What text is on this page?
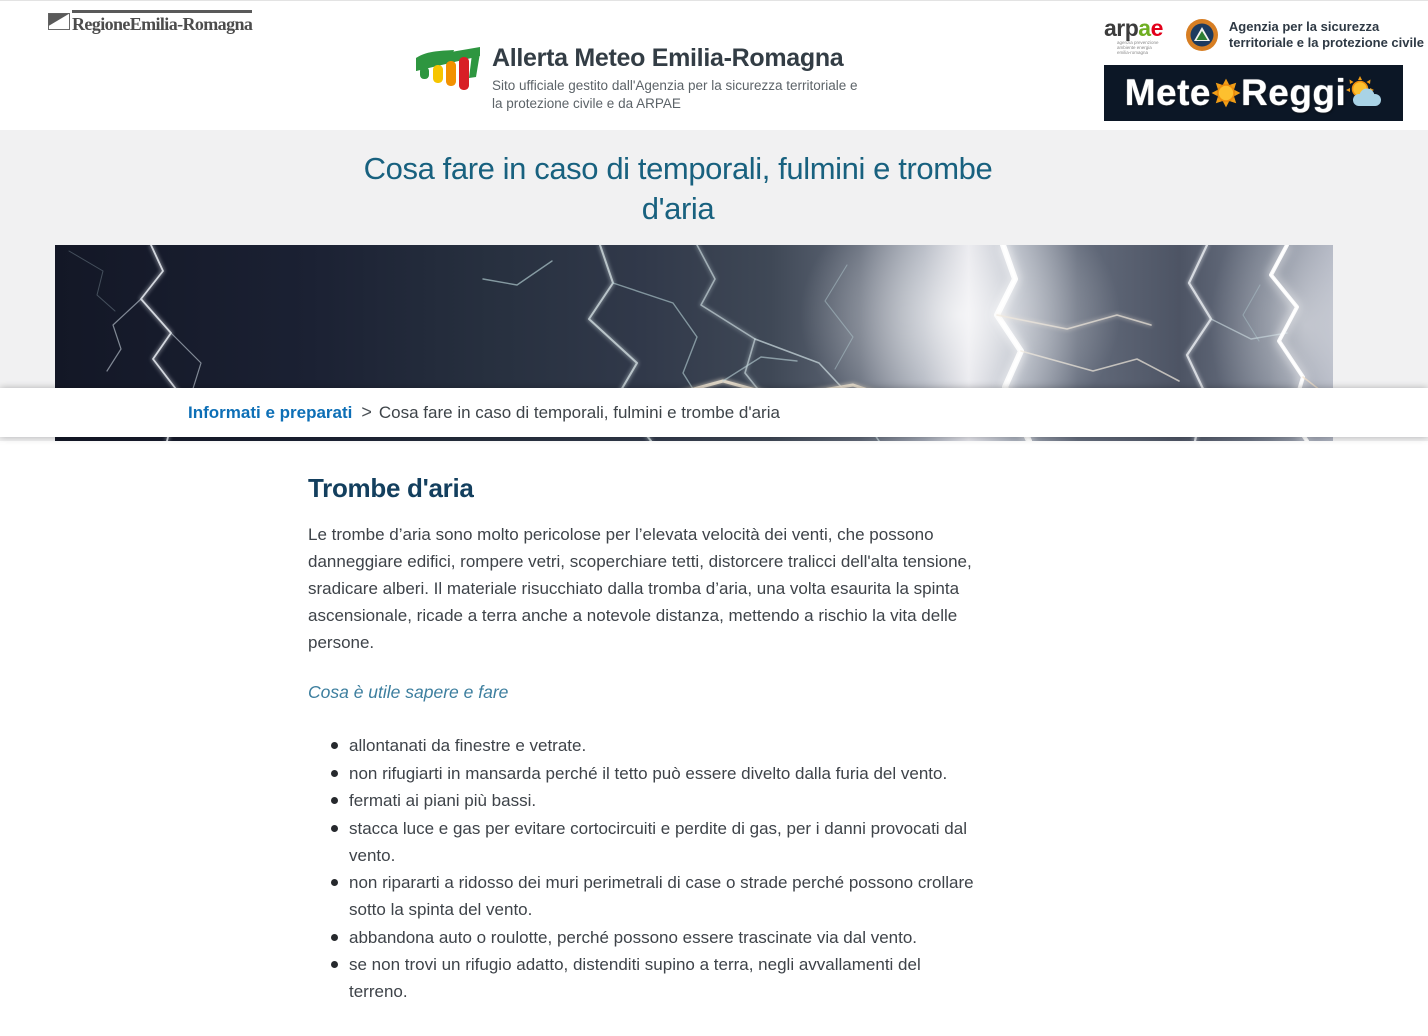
Regione Emilia-Romagna
Allerta Meteo Emilia-Romagna
Sito ufficiale gestito dall'Agenzia per la sicurezza territoriale e
la protezione civile e da ARPAE
arpae
agenzia prevenzione ambiente energia emilia-romagna
Agenzia per la sicurezza territoriale e la protezione civile
Mete Reggi
Cosa fare in caso di temporali, fulmini e trombe
d'aria
Informati e preparati > Cosa fare in caso di temporali, fulmini e trombe d'aria
Trombe d'aria

Le trombe d’aria sono molto pericolose per l’elevata velocità dei venti, che possono danneggiare edifici, rompere vetri, scoperchiare tetti, distorcere tralicci dell'alta tensione, sradicare alberi. Il materiale risucchiato dalla tromba d’aria, una volta esaurita la spinta ascensionale, ricade a terra anche a notevole distanza, mettendo a rischio la vita delle persone.

Cosa è utile sapere e fare
allontanati da finestre e vetrate.
non rifugiarti in mansarda perché il tetto può essere divelto dalla furia del vento.
fermati ai piani più bassi.
stacca luce e gas per evitare cortocircuiti e perdite di gas, per i danni provocati dal vento.
non ripararti a ridosso dei muri perimetrali di case o strade perché possono crollare sotto la spinta del vento.
abbandona auto o roulotte, perché possono essere trascinate via dal vento.
se non trovi un rifugio adatto, distenditi supino a terra, negli avvallamenti del terreno.
